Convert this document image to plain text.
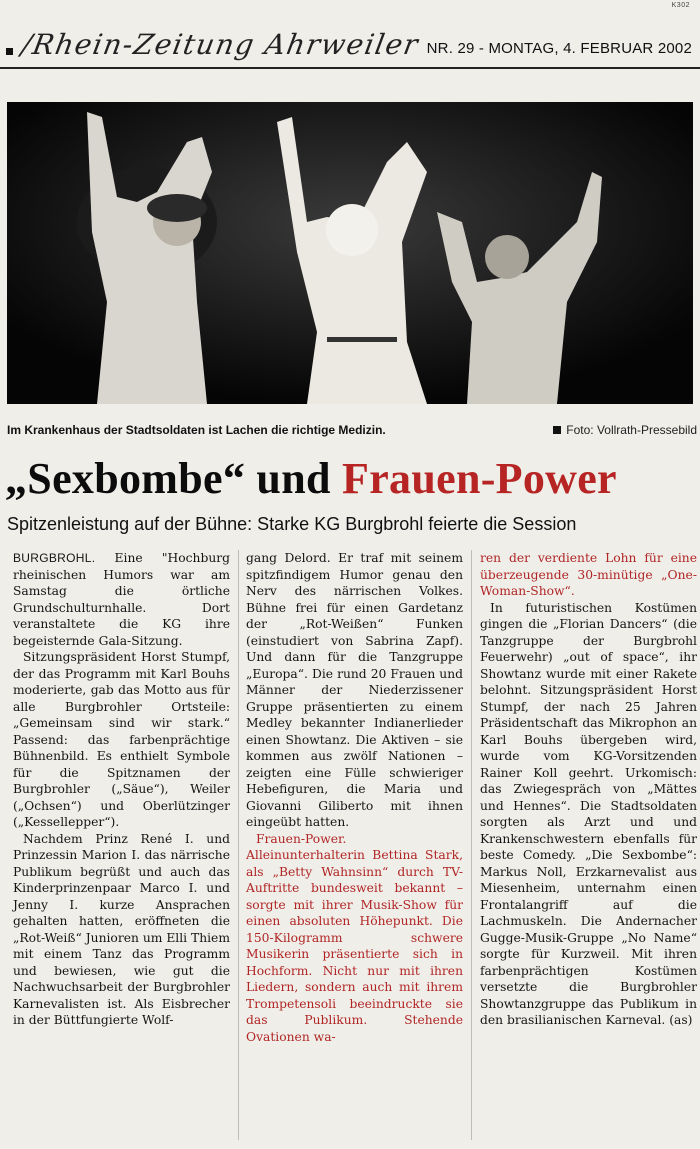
K302
/Rhein-Zeitung Ahrweiler NR. 29 - MONTAG, 4. FEBRUAR 2002
Im Krankenhaus der Stadtsoldaten ist Lachen die richtige Medizin.	Foto: Vollrath-Pressebild
„Sexbombe“ und Frauen-Power
Spitzenleistung auf der Bühne: Starke KG Burgbrohl feierte die Session

BURGBROHL. Eine "Hochburg rheinischen Humors war am Samstag die örtliche Grundschulturnhalle. Dort veranstaltete die KG ihre begeisternde Gala-Sitzung.

Sitzungspräsident Horst Stumpf, der das Programm mit Karl Bouhs moderierte, gab das Motto aus für alle Burgbrohler Ortsteile: „Gemeinsam sind wir stark.“ Passend: das farbenprächtige Bühnenbild. Es enthielt Symbole für die Spitznamen der Burgbrohler („Säue“), Weiler („Ochsen“) und Oberlützinger („Kessellepper“).

Nachdem Prinz René I. und Prinzessin Marion I. das närrische Publikum begrüßt und auch das Kinderprinzenpaar Marco I. und Jenny I. kurze Ansprachen gehalten hatten, eröffneten die „Rot-Weiß“ Junioren um Elli Thiem mit einem Tanz das Programm und bewiesen, wie gut die Nachwuchsarbeit der Burgbrohler Karnevalisten ist. Als Eisbrecher in der Büttfungierte Wolf-

gang Delord. Er traf mit seinem spitzfindigem Humor genau den Nerv des närrischen Volkes. Bühne frei für einen Gardetanz der „Rot-Weißen“ Funken (einstudiert von Sabrina Zapf). Und dann für die Tanzgruppe „Europa“. Die rund 20 Frauen und Männer der Niederzissener Gruppe präsentierten zu einem Medley bekannter Indianerlieder einen Showtanz. Die Aktiven – sie kommen aus zwölf Nationen – zeigten eine Fülle schwieriger Hebefiguren, die Maria und Giovanni Giliberto mit ihnen eingeübt hatten.

Frauen-Power. Alleinunterhalterin Bettina Stark, als „Betty Wahnsinn“ durch TV-Auftritte bundesweit bekannt – sorgte mit ihrer Musik-Show für einen absoluten Höhepunkt. Die 150-Kilogramm schwere Musikerin präsentierte sich in Hochform. Nicht nur mit ihren Liedern, sondern auch mit ihrem Trompetensoli beeindruckte sie das Publikum. Stehende Ovationen wa-

ren der verdiente Lohn für eine überzeugende 30-minütige „One-Woman-Show“.

In futuristischen Kostümen gingen die „Florian Dancers“ (die Tanzgruppe der Burgbrohl Feuerwehr) „out of space“, ihr Showtanz wurde mit einer Rakete belohnt. Sitzungspräsident Horst Stumpf, der nach 25 Jahren Präsidentschaft das Mikrophon an Karl Bouhs übergeben wird, wurde vom KG-Vorsitzenden Rainer Koll geehrt. Urkomisch: das Zwiegespräch von „Mättes und Hennes“. Die Stadtsoldaten sorgten als Arzt und und Krankenschwestern ebenfalls für beste Comedy. „Die Sexbombe“: Markus Noll, Erzkarnevalist aus Miesenheim, unternahm einen Frontalangriff auf die Lachmuskeln. Die Andernacher Gugge-Musik-Gruppe „No Name“ sorgte für Kurzweil. Mit ihren farbenprächtigen Kostümen versetzte die Burgbrohler Showtanzgruppe das Publikum in den brasilianischen Karneval. (as)
